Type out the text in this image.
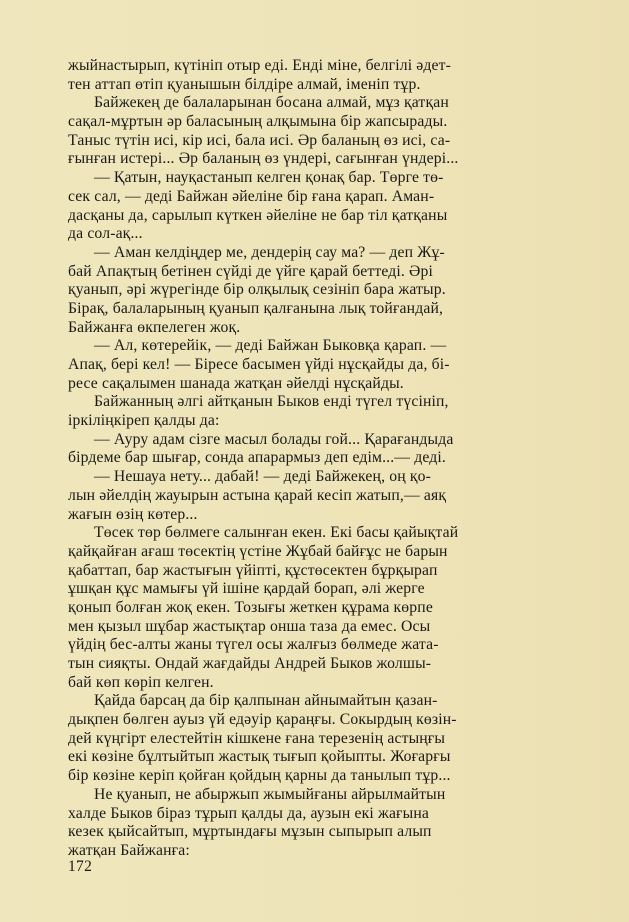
жыйнастырып, күтініп отыр еді. Енді міне, белгілі әдет-
тен аттап өтіп қуанышын білдіре алмай, іменіп тұр.
Байжекең де балаларынан босана алмай, мұз қатқан
сақал-мұртын әр баласының алқымына бір жапсырады.
Таныс түтін исі, кір исі, бала исі. Әр баланың өз исі, са-
ғынған истері... Әр баланың өз үндері, сағынған үндері...
— Қатын, науқастанып келген қонақ бар. Төрге тө-
сек сал, — деді Байжан әйеліне бір ғана қарап. Аман-
дасқаны да, сарылып күткен әйеліне не бар тіл қатқаны
да сол-ақ...
— Аман келдіңдер ме, дендерің сау ма? — деп Жұ-
бай Апақтың бетінен сүйді де үйге қарай беттеді. Әрі
қуанып, әрі жүрегінде бір олқылық сезініп бара жатыр.
Бірақ, балаларының қуанып қалғанына лық тойғандай,
Байжанға өкпелеген жоқ.
— Ал, көтерейік, — деді Байжан Быковқа қарап. —
Апақ, бері кел! — Біресе басымен үйді нұсқайды да, бі-
ресе сақалымен шанада жатқан әйелді нұсқайды.
Байжанның әлгі айтқанын Быков енді түгел түсініп,
іркіліңкіреп қалды да:
— Ауру адам сізге масыл болады гой... Қарағандыда
бірдеме бар шығар, сонда апарармыз деп едім...— деді.
— Нешауа нету... дабай! — деді Байжекең, оң қо-
лын әйелдің жауырын астына қарай кесіп жатып,— аяқ
жағын өзің көтер...
Төсек төр бөлмеге салынған екен. Екі басы қайықтай
қайқайған ағаш төсектің үстіне Жұбай байғұс не барын
қабаттап, бар жастығын үйіпті, құстөсектен бұрқырап
ұшқан құс мамығы үй ішіне қардай борап, әлі жерге
қонып болған жоқ екен. Тозығы жеткен құрама көрпе
мен қызыл шұбар жастықтар онша таза да емес. Осы
үйдің бес-алты жаны түгел осы жалғыз бөлмеде жата-
тын сияқты. Ондай жағдайды Андрей Быков жолшы-
бай көп көріп келген.
Қайда барсаң да бір қалпынан айнымайтын қазан-
дықпен бөлген ауыз үй едәуір қараңғы. Сокырдың көзін-
дей күңгірт елестейтін кішкене ғана терезенің астыңғы
екі көзіне бұлтыйтып жастық тығып қойыпты. Жоғарғы
бір көзіне керіп қойған қойдың қарны да танылып тұр...
Не қуанып, не абыржып жымыйғаны айрылмайтын
халде Быков біраз тұрып қалды да, аузын екі жағына
кезек қыйсайтып, мұртындағы мұзын сыпырып алып
жатқан Байжанға:
172
